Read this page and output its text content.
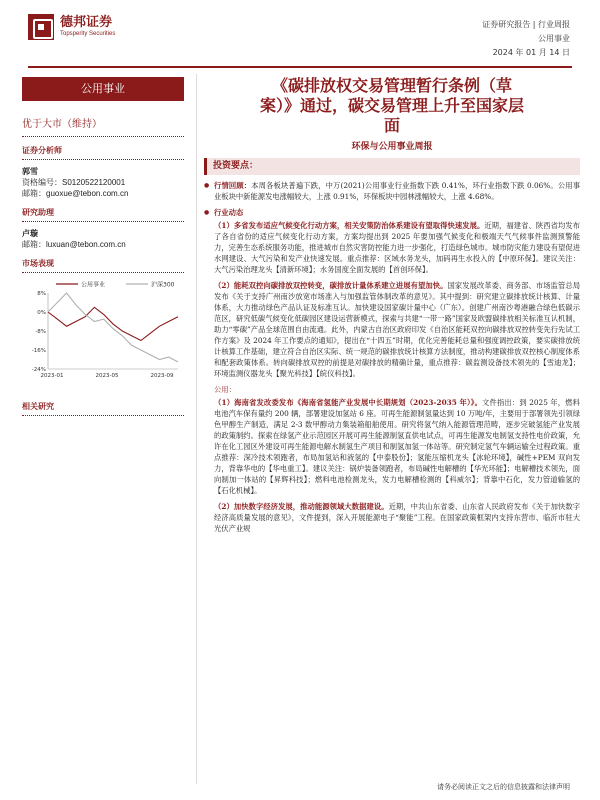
德邦证券
Topsperity Securities
证券研究报告 | 行业周报
公用事业
2024 年 01 月 14 日
公用事业
优于大市（维持）
证券分析师
郭雪
资格编号：S0120522120001
邮箱：guoxue@tebon.com.cn
研究助理
卢璇
邮箱：luxuan@tebon.com.cn
市场表现
公用事业	沪深300
8%
0%
-8%
-16%
-24%
2023-01	2023-05	2023-09
相关研究
《碳排放权交易管理暂行条例（草
案）》通过，碳交易管理上升至国家层
面
环保与公用事业周报
投资要点：

● 行情回顾：本周各板块普遍下跌，中万(2021)公用事业行业指数下跌 0.41%，环行业指数下跌 0.06%。公用事业板块中新能源发电涨幅较大，上涨 0.91%，环保板块中园林涨幅较大，上涨 4.68%。

● 行业动态

（1）多省发布适应气候变化行动方案，相关安策防治体系建设有望取得快速发展。近期，福建省、陕西省均发布了各自省份的适应气候变化行动方案，方案均提出到 2025 年要加强气候变化和极端天气气候事件监测预警能力，完善生态系统服务功能，推进城市自然灾害防控能力进一步强化，打造绿色城市。城市防灾能力建设有望促进水网建设、大气污染和发产业快速发展。重点推荐：区域水务龙头，加码再生水投入的【中原环保】。建议关注：大气污染治理龙头【清新环境】；水务国度全面发展的【首创环保】。

（2）能耗双控向碳排放双控转变，碳排放计量体系建立进展有望加快。国家发展改革委、商务部、市场监管总局发布《关于支持广州南沙放宽市场准入与加强监管体制改革的意见》。其中提到：研究建立碳排放统计核算、计量体系，大力推动绿色产品认证及标准互认。加快建设国家碳计量中心（广东）。创建广州南沙粤港融合绿色低碳示范区，研究低碳气候变化低碳园区建设运营新模式，探索与共建“一带一路”国家及欧盟碳排放相关标准互认机制，助力“零碳”产品全球范围自由流通。此外，内蒙古自治区政府印发《自治区能耗双控向碳排放双控转变先行先试工作方案》及 2024 年工作要点的通知》，提出在“十四五”时期，优化完善能耗总量和强度调控政策，要实碳排放统计核算工作基础，建立符合自治区实际、统一规范的碳排放统计核算方法制度，推动构建碳排放双控核心制度体系和配套政策体系。转向碳排放双控的前提是对碳排放的精确计量，重点推荐：碳监测设备技术领先的【雪迪龙】；环境监测仪器龙头【聚光科技】【皖仪科技】。

公用：

（1）海南省发改委发布《海南省氢能产业发展中长期规划（2023-2035 年）》。文件指出：到 2025 年，燃料电池汽车保有量约 200 辆，部署建设加氢站 6 座。可再生能源制氢量达到 10 万吨/年，主要用于部署领先引领绿色甲醇生产制造，满足 2-3 数甲醇动力集装箱船舶使用。研究将氢气纳入能源管理范畴，逐步完破氢能产业发展的政策制约。探索在绿氢产业示范园区开展可再生能源制氢直供电试点，可再生能源发电制氢支持性电价政策，允许在化工园区外建设可再生能源电解水制氢生产项目和制氢加氢一体站等。研究制定氢气车辆运输全过程政策。重点推荐：深冷技术领跑者，布局加氢站和液氢的【中泰股份】；氢能压缩机龙头【冰轮环境】，碱性+PEM 双向发力，背靠华电的【华电重工】。建议关注：锅炉装备领跑者，布局碱性电解槽的【华光环能】；电解槽技术领先，面向制加一体站的【昇辉科技】；燃料电池检测龙头，发力电解槽检测的【科威尔】；背靠中石化，发力管道输氢的【石化机械】。

（2）加快数字经济发展，推动能源领域大数据建设。近期，中共山东省委、山东省人民政府发布《关于加快数字经济高质量发展的意见》，文件提到，深入开展能源电子“聚能”工程。在国家政策框架内支持东营市、临沂市驻大光伏产业规

请务必阅读正文之后的信息披露和法律声明
